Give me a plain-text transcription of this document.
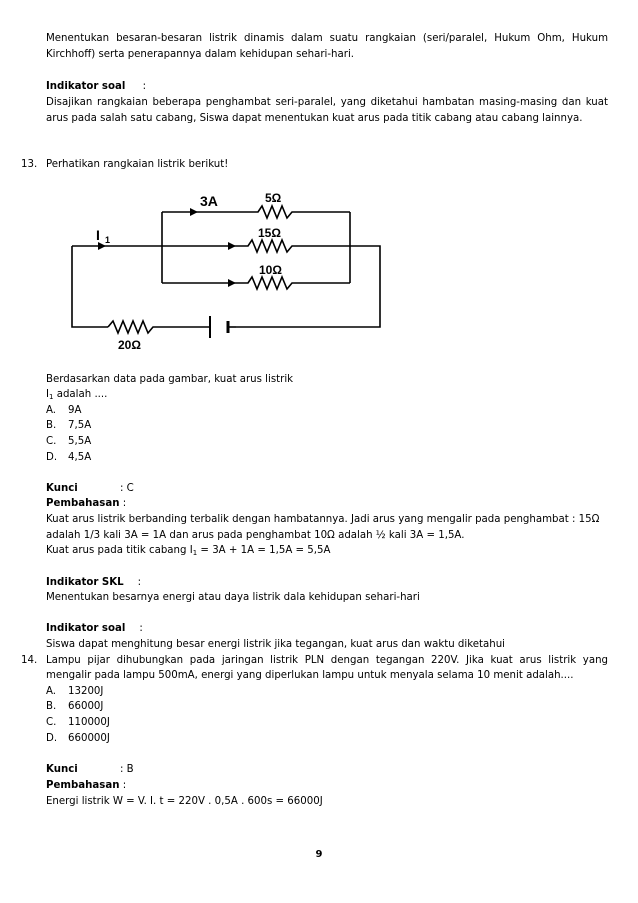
Menentukan besaran-besaran listrik dinamis dalam suatu rangkaian (seri/paralel, Hukum Ohm, Hukum
Kirchhoff) serta penerapannya dalam kehidupan sehari-hari.
Indikator soal :
Disajikan rangkaian beberapa penghambat seri-paralel, yang diketahui hambatan masing-masing dan kuat
arus pada salah satu cabang, Siswa dapat menentukan kuat arus pada titik cabang atau cabang lainnya.
13. Perhatikan rangkaian listrik berikut!
3A
I 1
5Ω
15Ω
10Ω
20Ω
Berdasarkan data pada gambar, kuat arus listrik
$I_1$ adalah ....
A. 9A
B. 7,5A
C. 5,5A
D. 4,5A
Kunci	: C
Pembahasan :
Kuat arus listrik berbanding terbalik dengan hambatannya. Jadi arus yang mengalir pada penghambat : 15Ω
adalah 1/3 kali 3A = 1A dan arus pada penghambat 10Ω adalah ½ kali 3A = 1,5A.
Kuat arus pada titik cabang $I_1 = 3A + 1A = 1,5A = 5,5A$
Indikator SKL :
Menentukan besarnya energi atau daya listrik dala kehidupan sehari-hari
Indikator soal :
Siswa dapat menghitung besar energi listrik jika tegangan, kuat arus dan waktu diketahui
14. Lampu pijar dihubungkan pada jaringan listrik PLN dengan tegangan 220V. Jika kuat arus listrik yang
mengalir pada lampu 500mA, energi yang diperlukan lampu untuk menyala selama 10 menit adalah....
A. 13200J
B. 66000J
C. 110000J
D. 660000J
Kunci	: B
Pembahasan :
Energi listrik W = V. I. t = 220V . 0,5A . 600s = 66000J
9
